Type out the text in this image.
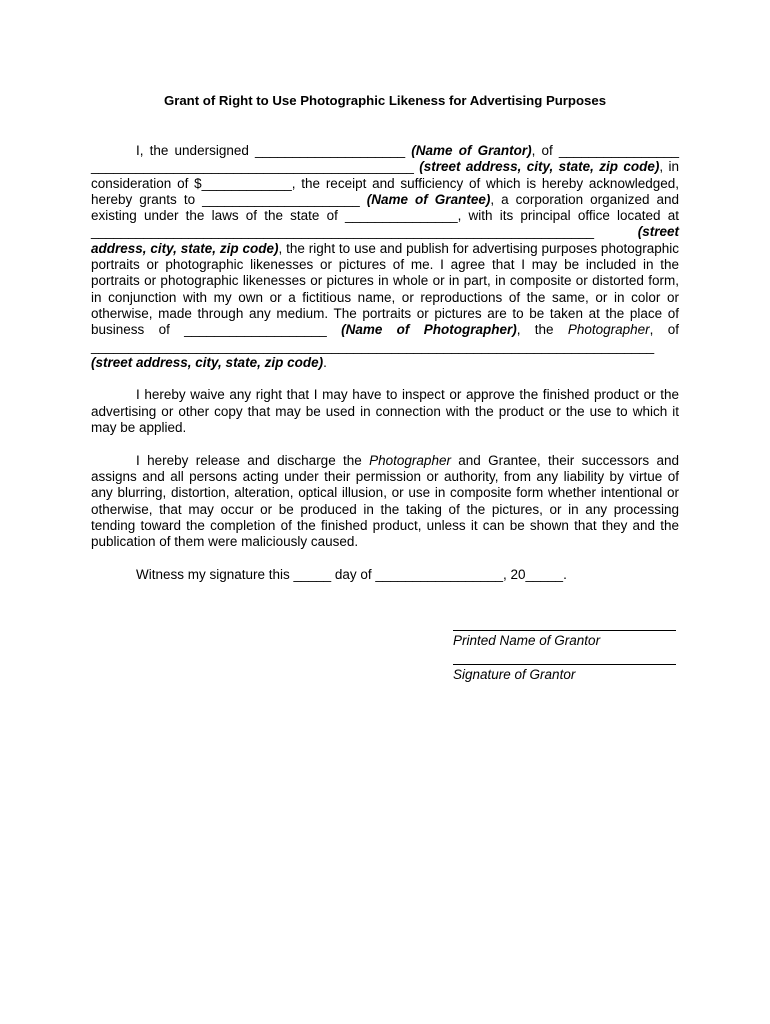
Grant of Right to Use Photographic Likeness for Advertising Purposes

I, the undersigned ____________________ (Name of Grantor), of ________________ ___________________________________________ (street address, city, state, zip code), in consideration of $____________, the receipt and sufficiency of which is hereby acknowledged, hereby grants to _____________________ (Name of Grantee), a corporation organized and existing under the laws of the state of _______________, with its principal office located at ___________________________________________________________________	(street address, city, state, zip code), the right to use and publish for advertising purposes photographic portraits or photographic likenesses or pictures of me. I agree that I may be included in the portraits or photographic likenesses or pictures in whole or in part, in composite or distorted form, in conjunction with my own or a fictitious name, or reproductions of the same, or in color or otherwise, made through any medium. The portraits or pictures are to be taken at the place of business of ___________________ (Name of Photographer), the Photographer, of ___________________________________________________________________________ (street address, city, state, zip code).

I hereby waive any right that I may have to inspect or approve the finished product or the advertising or other copy that may be used in connection with the product or the use to which it may be applied.

I hereby release and discharge the Photographer and Grantee, their successors and assigns and all persons acting under their permission or authority, from any liability by virtue of any blurring, distortion, alteration, optical illusion, or use in composite form whether intentional or otherwise, that may occur or be produced in the taking of the pictures, or in any processing tending toward the completion of the finished product, unless it can be shown that they and the publication of them were maliciously caused.

Witness my signature this _____ day of _________________, 20_____.

Printed Name of Grantor
Signature of Grantor
